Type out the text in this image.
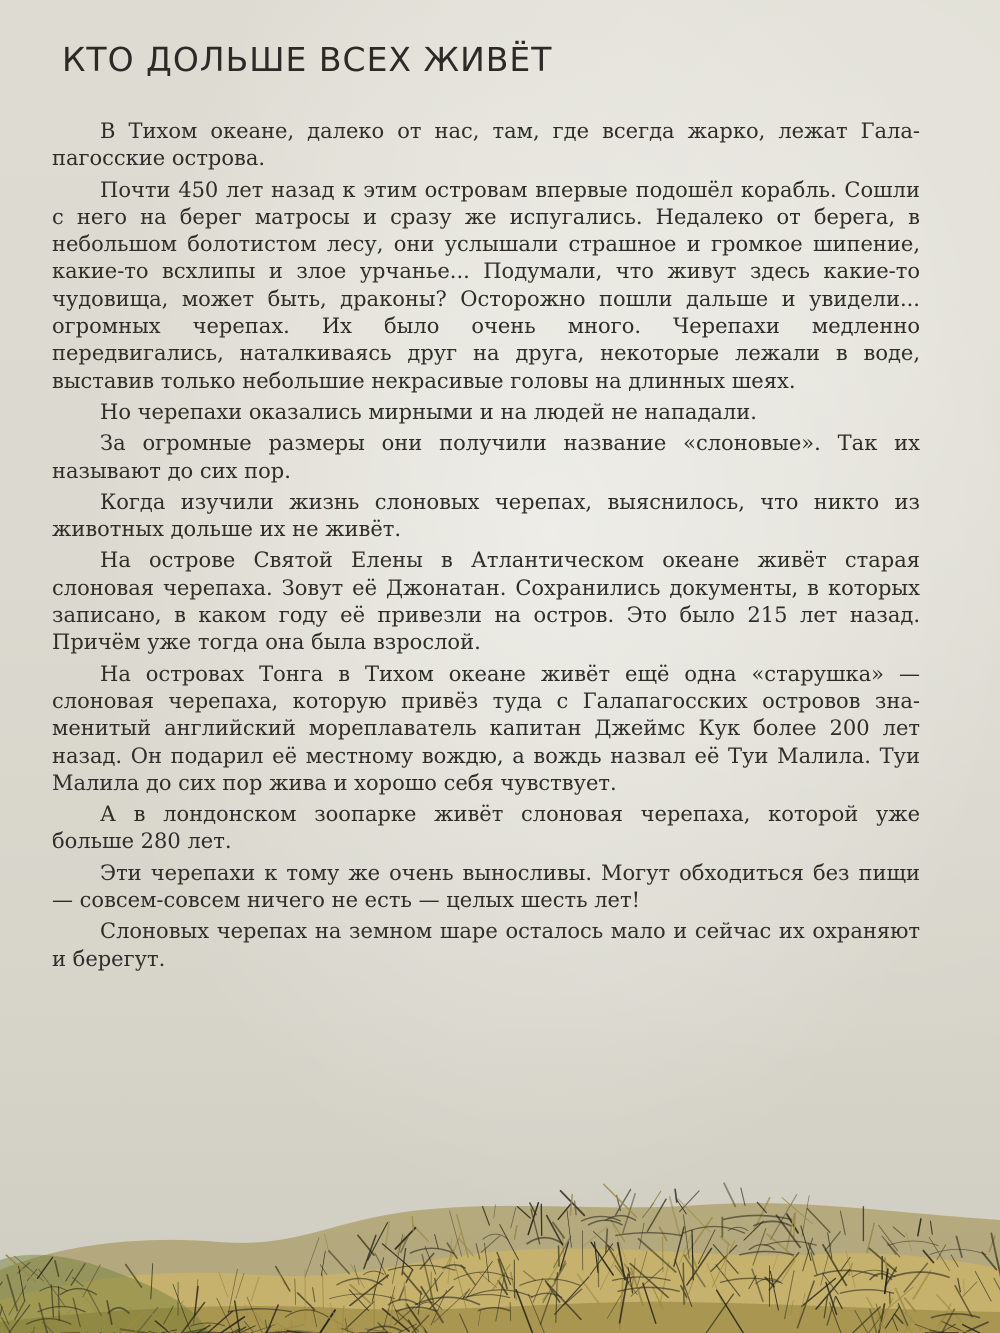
КТО ДОЛЬШЕ ВСЕХ ЖИВЁТ

В Тихом океане, далеко от нас, там, где всегда жарко, лежат Галапагосские острова.

Почти 450 лет назад к этим островам впервые подошёл корабль. Сошли с него на берег матросы и сразу же испугались. Недалеко от берега, в небольшом болотистом лесу, они услышали страшное и громкое шипение, какие-то всхлипы и злое урчанье... Подумали, что живут здесь какие-то чудовища, может быть, драконы? Осторожно пошли дальше и увидели... огромных черепах. Их было очень много. Черепахи медленно передвигались, наталкиваясь друг на друга, некоторые лежали в воде, выставив только небольшие некрасивые головы на длинных шеях.

Но черепахи оказались мирными и на людей не нападали.

За огромные размеры они получили название «слоновые». Так их называют до сих пор.

Когда изучили жизнь слоновых черепах, выяснилось, что никто из животных дольше их не живёт.

На острове Святой Елены в Атлантическом океане живёт старая слоновая черепаха. Зовут её Джонатан. Сохранились документы, в которых записано, в каком году её привезли на остров. Это было 215 лет назад. Причём уже тогда она была взрослой.

На островах Тонга в Тихом океане живёт ещё одна «старушка» — слоновая черепаха, которую привёз туда с Галапагосских островов знаменитый английский мореплаватель капитан Джеймс Кук более 200 лет назад. Он подарил её местному вождю, а вождь назвал её Туи Малила. Туи Малила до сих пор жива и хорошо себя чувствует.

А в лондонском зоопарке живёт слоновая черепаха, которой уже больше 280 лет.

Эти черепахи к тому же очень выносливы. Могут обходиться без пищи — совсем-совсем ничего не есть — целых шесть лет!

Слоновых черепах на земном шаре осталось мало и сейчас их охраняют и берегут.
